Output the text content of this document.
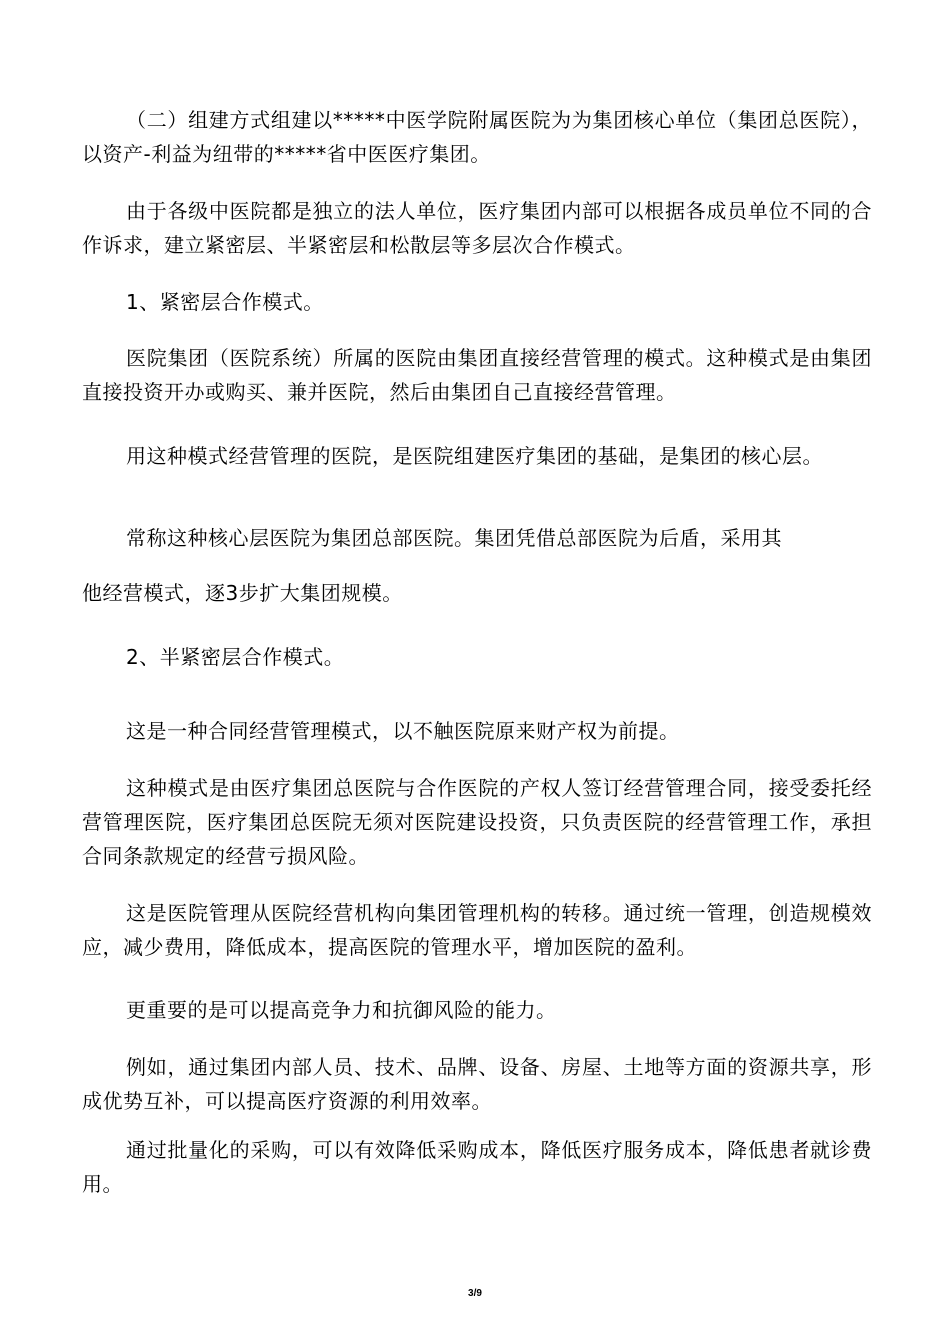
（二）组建方式组建以*****中医学院附属医院为为集团核心单位（集团总医院），以资产-利益为纽带的*****省中医医疗集团。

由于各级中医院都是独立的法人单位，医疗集团内部可以根据各成员单位不同的合作诉求，建立紧密层、半紧密层和松散层等多层次合作模式。

1、紧密层合作模式。

医院集团（医院系统）所属的医院由集团直接经营管理的模式。这种模式是由集团直接投资开办或购买、兼并医院，然后由集团自己直接经营管理。

用这种模式经营管理的医院，是医院组建医疗集团的基础，是集团的核心层。

常称这种核心层医院为集团总部医院。集团凭借总部医院为后盾，采用其

他经营模式，逐3步扩大集团规模。

2、半紧密层合作模式。

这是一种合同经营管理模式，以不触医院原来财产权为前提。

这种模式是由医疗集团总医院与合作医院的产权人签订经营管理合同，接受委托经营管理医院，医疗集团总医院无须对医院建设投资，只负责医院的经营管理工作，承担合同条款规定的经营亏损风险。

这是医院管理从医院经营机构向集团管理机构的转移。通过统一管理，创造规模效应，减少费用，降低成本，提高医院的管理水平，增加医院的盈利。

更重要的是可以提高竞争力和抗御风险的能力。

例如，通过集团内部人员、技术、品牌、设备、房屋、土地等方面的资源共享，形成优势互补，可以提高医疗资源的利用效率。

通过批量化的采购，可以有效降低采购成本，降低医疗服务成本，降低患者就诊费用。

3/9
